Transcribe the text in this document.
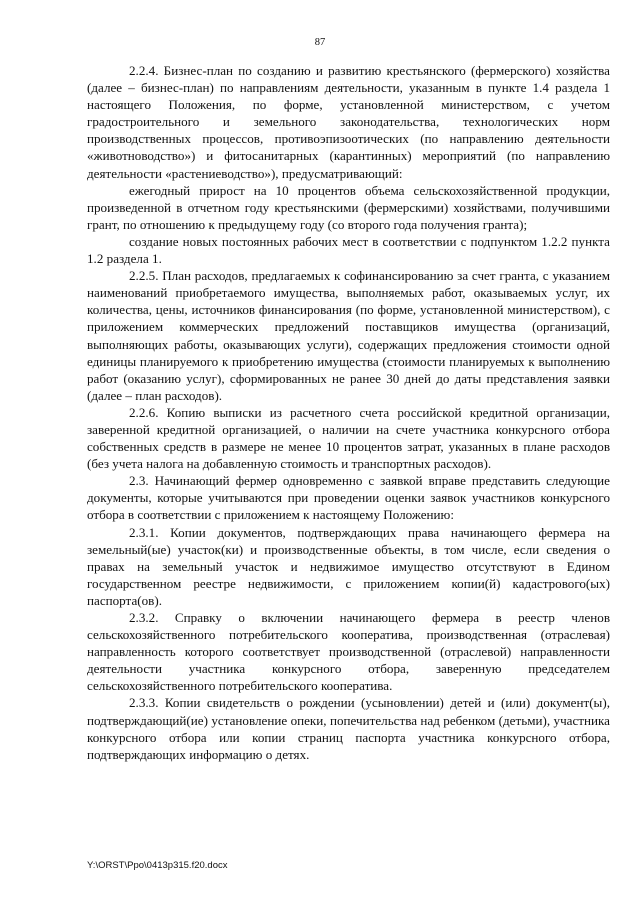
87

2.2.4. Бизнес-план по созданию и развитию крестьянского (фермерского) хозяйства (далее – бизнес-план) по направлениям деятельности, указанным в пункте 1.4 раздела 1 настоящего Положения, по форме, установленной министерством, с учетом градостроительного и земельного законодательства, технологических норм производственных процессов, противоэпизоотических (по направлению деятельности «животноводство») и фитосанитарных (карантинных) мероприятий (по направлению деятельности «растениеводство»), предусматривающий:

ежегодный прирост на 10 процентов объема сельскохозяйственной продукции, произведенной в отчетном году крестьянскими (фермерскими) хозяйствами, получившими грант, по отношению к предыдущему году (со второго года получения гранта);

создание новых постоянных рабочих мест в соответствии с подпунктом 1.2.2 пункта 1.2 раздела 1.

2.2.5. План расходов, предлагаемых к софинансированию за счет гранта, с указанием наименований приобретаемого имущества, выполняемых работ, оказываемых услуг, их количества, цены, источников финансирования (по форме, установленной министерством), с приложением коммерческих предложений поставщиков имущества (организаций, выполняющих работы, оказывающих услуги), содержащих предложения стоимости одной единицы планируемого к приобретению имущества (стоимости планируемых к выполнению работ (оказанию услуг), сформированных не ранее 30 дней до даты представления заявки (далее – план расходов).

2.2.6. Копию выписки из расчетного счета российской кредитной организации, заверенной кредитной организацией, о наличии на счете участника конкурсного отбора собственных средств в размере не менее 10 процентов затрат, указанных в плане расходов (без учета налога на добавленную стоимость и транспортных расходов).

2.3. Начинающий фермер одновременно с заявкой вправе представить следующие документы, которые учитываются при проведении оценки заявок участников конкурсного отбора в соответствии с приложением к настоящему Положению:

2.3.1. Копии документов, подтверждающих права начинающего фермера на земельный(ые) участок(ки) и производственные объекты, в том числе, если сведения о правах на земельный участок и недвижимое имущество отсутствуют в Едином государственном реестре недвижимости, с приложением копии(й) кадастрового(ых) паспорта(ов).

2.3.2. Справку о включении начинающего фермера в реестр членов сельскохозяйственного потребительского кооператива, производственная (отраслевая) направленность которого соответствует производственной (отраслевой) направленности деятельности участника конкурсного отбора, заверенную председателем сельскохозяйственного потребительского кооператива.

2.3.3. Копии свидетельств о рождении (усыновлении) детей и (или) документ(ы), подтверждающий(ие) установление опеки, попечительства над ребенком (детьми), участника конкурсного отбора или копии страниц паспорта участника конкурсного отбора, подтверждающих информацию о детях.

Y:\ORST\Ppo\0413p315.f20.docx
